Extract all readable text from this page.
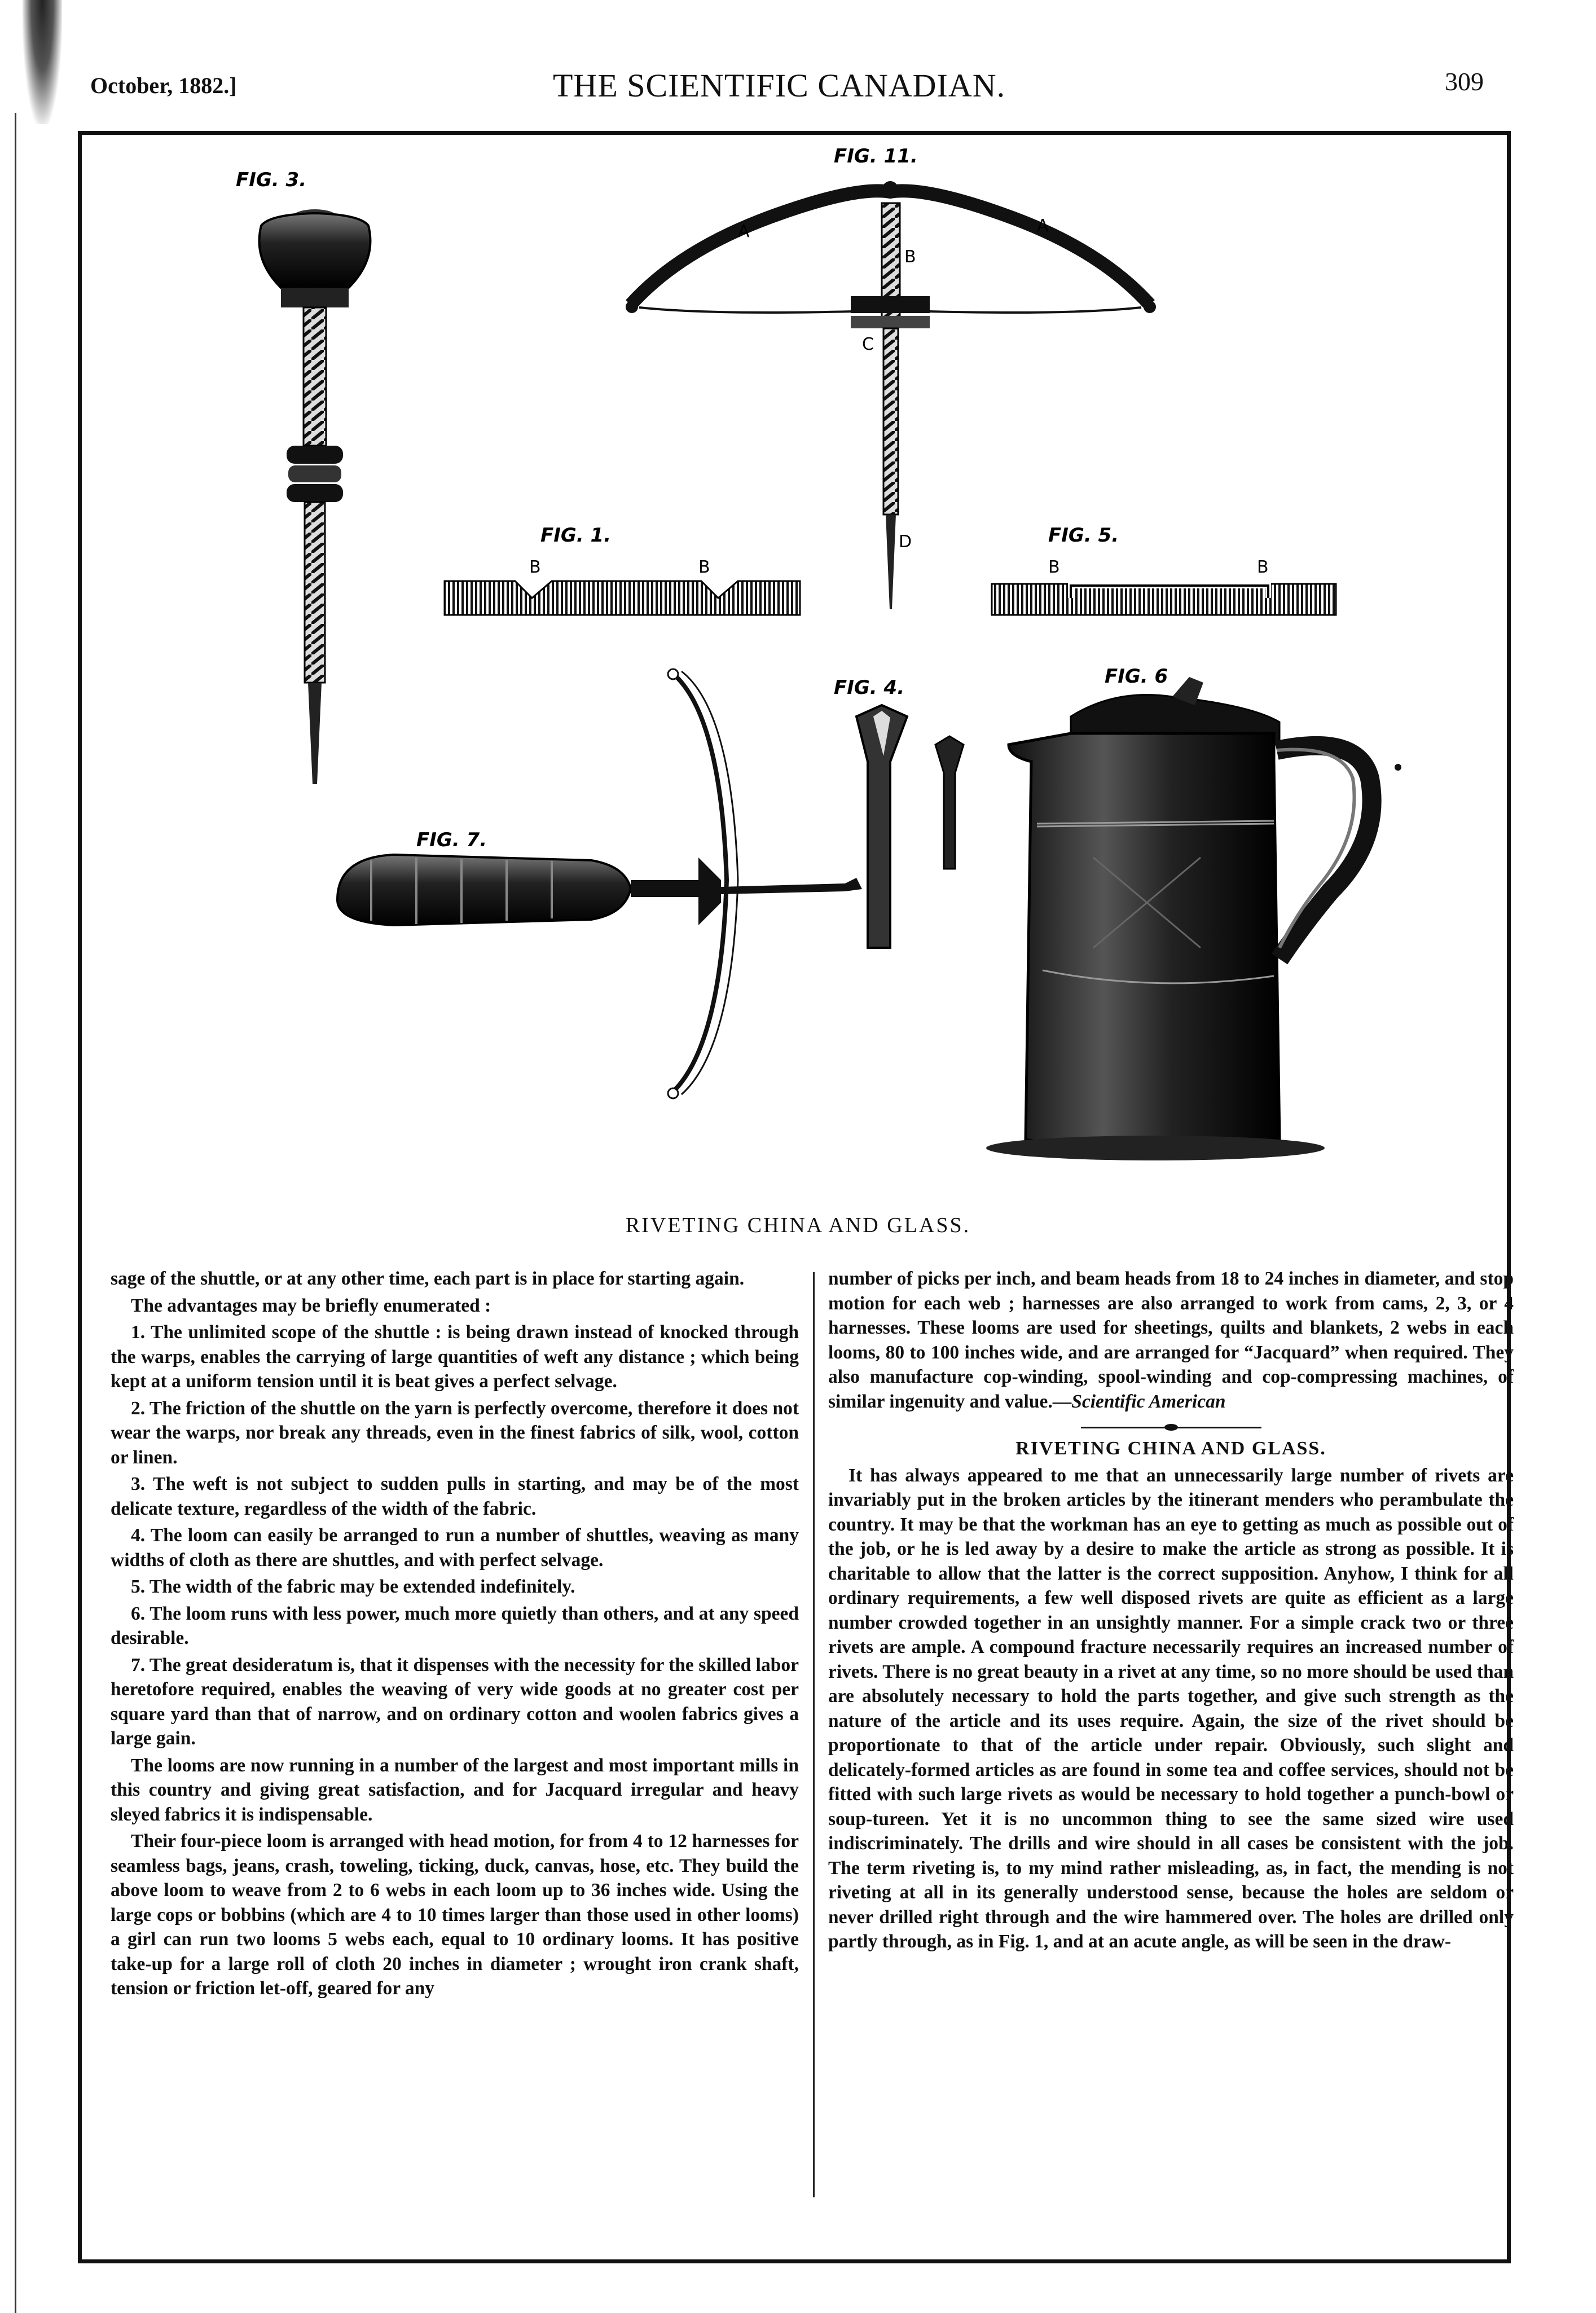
October, 1882.]	THE SCIENTIFIC CANADIAN.	309
FIG. 3.
FIG. 11.
A	A
B
C
D
FIG. 1.
B	B
FIG. 5.
B	B
FIG. 7.
FIG. 4.	FIG. 6
RIVETING CHINA AND GLASS.

sage of the shuttle, or at any other time, each part is in place for starting again.

The advantages may be briefly enumerated :

1. The unlimited scope of the shuttle : is being drawn instead of knocked through the warps, enables the carrying of large quantities of weft any distance ; which being kept at a uniform tension until it is beat gives a perfect selvage.

2. The friction of the shuttle on the yarn is perfectly overcome, therefore it does not wear the warps, nor break any threads, even in the finest fabrics of silk, wool, cotton or linen.

3. The weft is not subject to sudden pulls in starting, and may be of the most delicate texture, regardless of the width of the fabric.

4. The loom can easily be arranged to run a number of shuttles, weaving as many widths of cloth as there are shuttles, and with perfect selvage.

5. The width of the fabric may be extended indefinitely.

6. The loom runs with less power, much more quietly than others, and at any speed desirable.

7. The great desideratum is, that it dispenses with the necessity for the skilled labor heretofore required, enables the weaving of very wide goods at no greater cost per square yard than that of narrow, and on ordinary cotton and woolen fabrics gives a large gain.

The looms are now running in a number of the largest and most important mills in this country and giving great satisfaction, and for Jacquard irregular and heavy sleyed fabrics it is indispensable.

Their four-piece loom is arranged with head motion, for from 4 to 12 harnesses for seamless bags, jeans, crash, toweling, ticking, duck, canvas, hose, etc. They build the above loom to weave from 2 to 6 webs in each loom up to 36 inches wide. Using the large cops or bobbins (which are 4 to 10 times larger than those used in other looms) a girl can run two looms 5 webs each, equal to 10 ordinary looms. It has positive take-up for a large roll of cloth 20 inches in diameter ; wrought iron crank shaft, tension or friction let-off, geared for any

number of picks per inch, and beam heads from 18 to 24 inches in diameter, and stop motion for each web ; harnesses are also arranged to work from cams, 2, 3, or 4 harnesses. These looms are used for sheetings, quilts and blankets, 2 webs in each looms, 80 to 100 inches wide, and are arranged for “Jacquard” when required. They also manufacture cop-winding, spool-winding and cop-compressing machines, of similar ingenuity and value.—Scientific American

RIVETING CHINA AND GLASS.

It has always appeared to me that an unnecessarily large number of rivets are invariably put in the broken articles by the itinerant menders who perambulate the country. It may be that the workman has an eye to getting as much as possible out of the job, or he is led away by a desire to make the article as strong as possible. It is charitable to allow that the latter is the correct supposition. Anyhow, I think for all ordinary requirements, a few well disposed rivets are quite as efficient as a large number crowded together in an unsightly manner. For a simple crack two or three rivets are ample. A compound fracture necessarily requires an increased number of rivets. There is no great beauty in a rivet at any time, so no more should be used than are absolutely necessary to hold the parts together, and give such strength as the nature of the article and its uses require. Again, the size of the rivet should be proportionate to that of the article under repair. Obviously, such slight and delicately-formed articles as are found in some tea and coffee services, should not be fitted with such large rivets as would be necessary to hold together a punch-bowl or soup-tureen. Yet it is no uncommon thing to see the same sized wire used indiscriminately. The drills and wire should in all cases be consistent with the job. The term riveting is, to my mind rather misleading, as, in fact, the mending is not riveting at all in its generally understood sense, because the holes are seldom or never drilled right through and the wire hammered over. The holes are drilled only partly through, as in Fig. 1, and at an acute angle, as will be seen in the draw-
